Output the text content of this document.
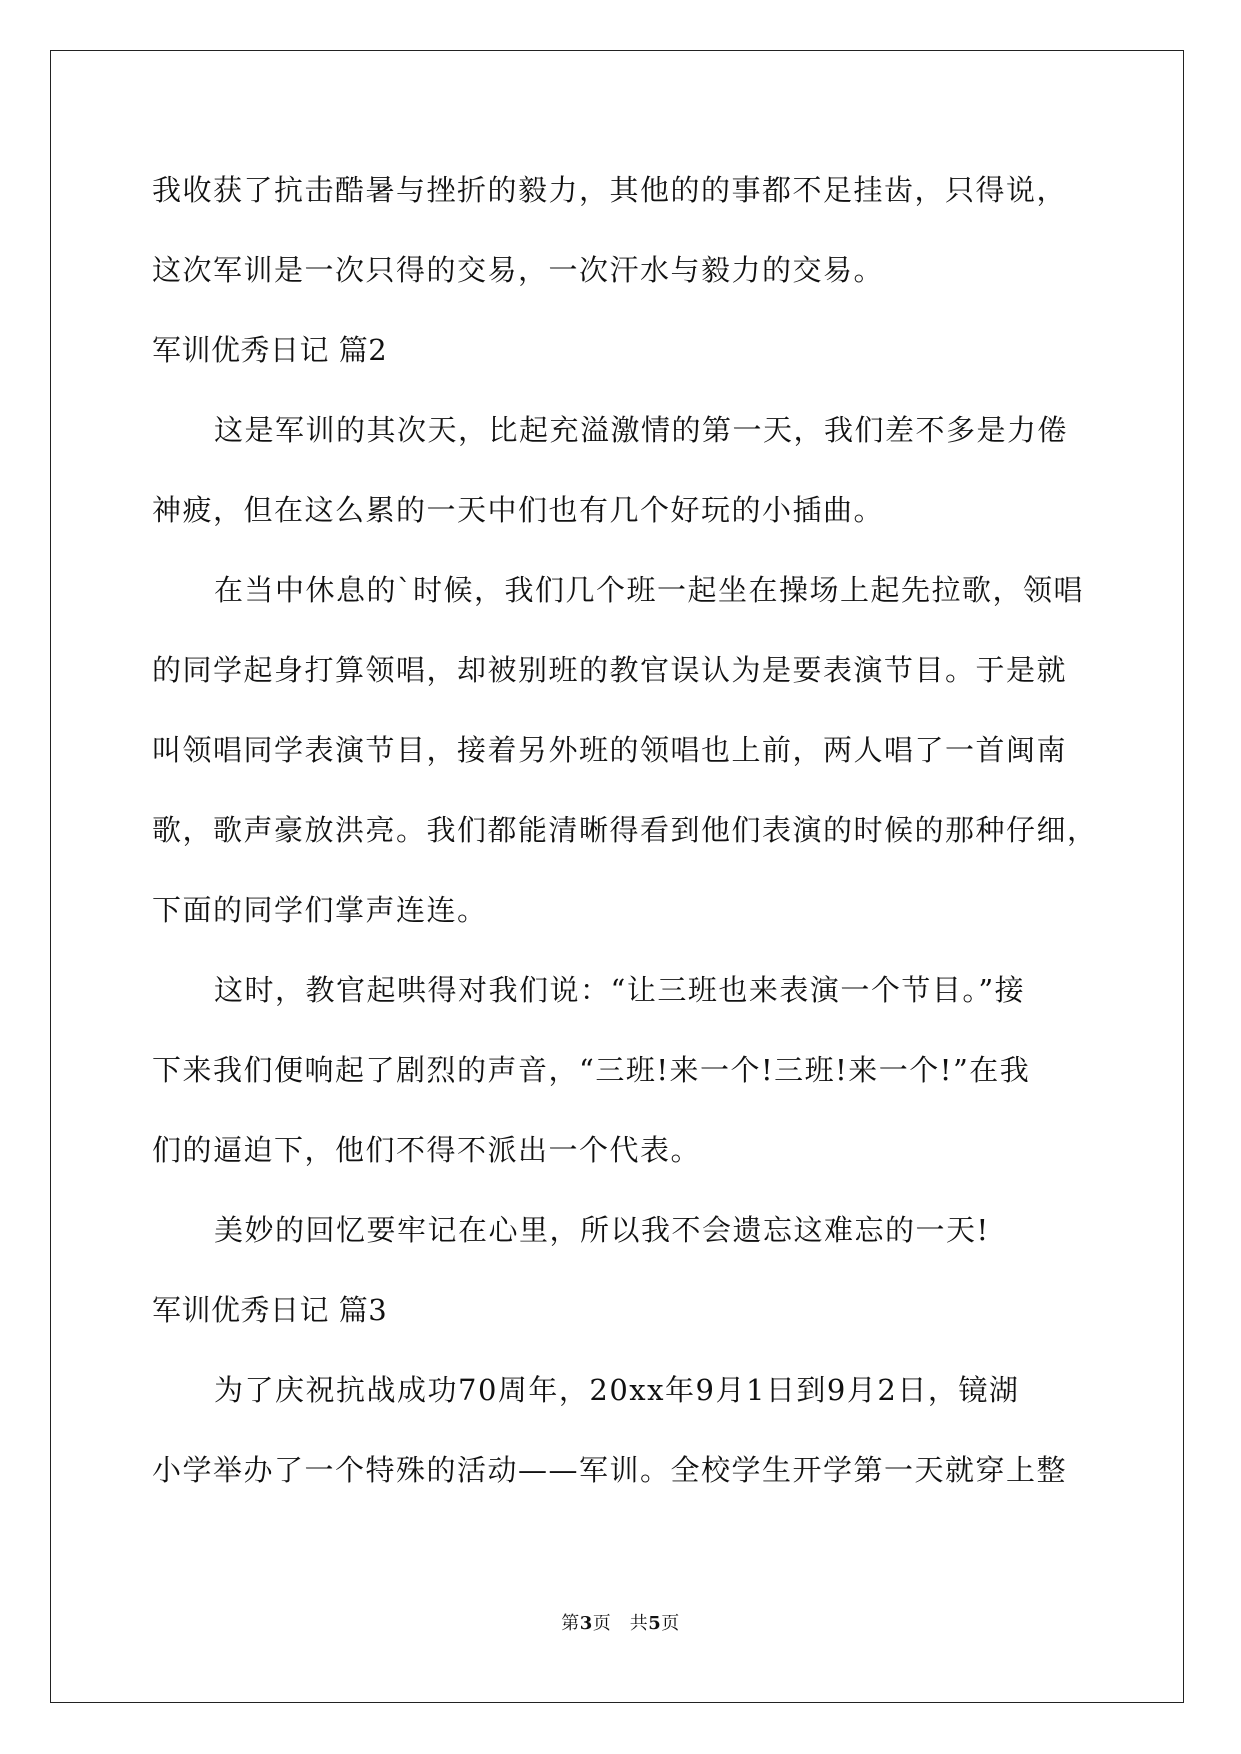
我收获了抗击酷暑与挫折的毅力，其他的的事都不足挂齿，只得说，
这次军训是一次只得的交易，一次汗水与毅力的交易。
军训优秀日记 篇2
这是军训的其次天，比起充溢激情的第一天，我们差不多是力倦
神疲，但在这么累的一天中们也有几个好玩的小插曲。
在当中休息的`时候，我们几个班一起坐在操场上起先拉歌，领唱
的同学起身打算领唱，却被别班的教官误认为是要表演节目。于是就
叫领唱同学表演节目，接着另外班的领唱也上前，两人唱了一首闽南
歌，歌声豪放洪亮。我们都能清晰得看到他们表演的时候的那种仔细，
下面的同学们掌声连连。
这时，教官起哄得对我们说：“让三班也来表演一个节目。”接
下来我们便响起了剧烈的声音，“三班!来一个!三班!来一个!”在我
们的逼迫下，他们不得不派出一个代表。
美妙的回忆要牢记在心里，所以我不会遗忘这难忘的一天!
军训优秀日记 篇3
为了庆祝抗战成功70周年，20xx年9月1日到9月2日，镜湖
小学举办了一个特殊的活动——军训。全校学生开学第一天就穿上整
第3页　共5页
